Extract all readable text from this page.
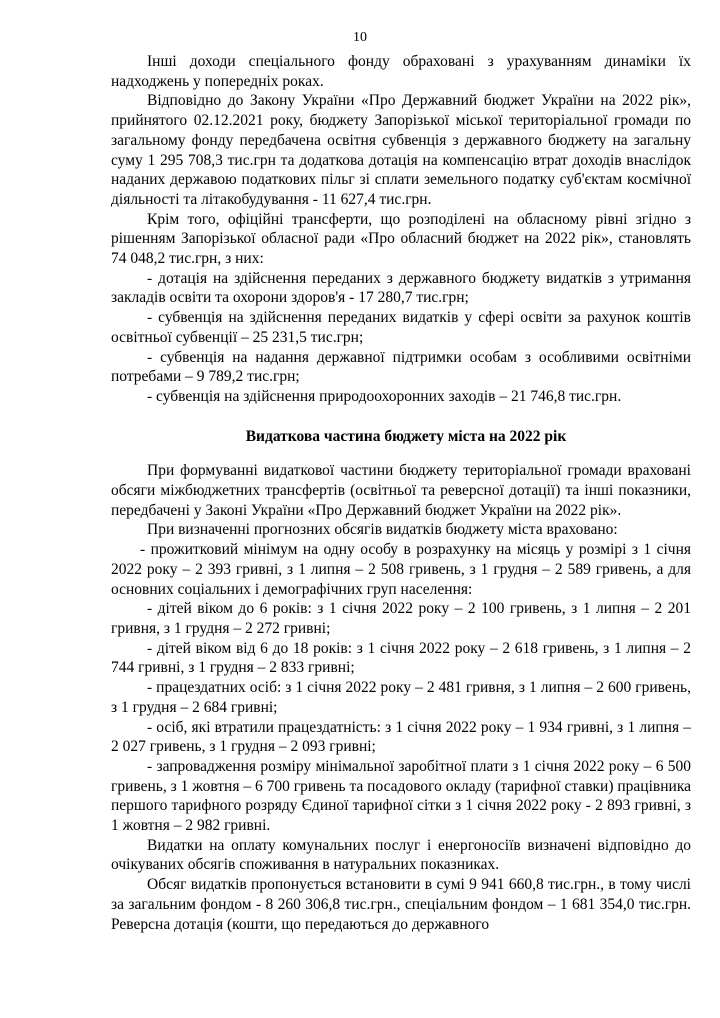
10

Інші доходи спеціального фонду обраховані з урахуванням динаміки їх надходжень у попередніх роках.

Відповідно до Закону України «Про Державний бюджет України на 2022 рік», прийнятого 02.12.2021 року, бюджету Запорізької міської територіальної громади по загальному фонду передбачена освітня субвенція з державного бюджету на загальну суму 1 295 708,3 тис.грн та додаткова дотація на компенсацію втрат доходів внаслідок наданих державою податкових пільг зі сплати земельного податку суб'єктам космічної діяльності та літакобудування - 11 627,4 тис.грн.

Крім того, офіційні трансферти, що розподілені на обласному рівні згідно з рішенням Запорізької обласної ради «Про обласний бюджет на 2022 рік», становлять 74 048,2 тис.грн, з них:

- дотація на здійснення переданих з державного бюджету видатків з утримання закладів освіти та охорони здоров'я - 17 280,7 тис.грн;

- субвенція на здійснення переданих видатків у сфері освіти за рахунок коштів освітньої субвенції – 25 231,5 тис.грн;

- субвенція на надання державної підтримки особам з особливими освітніми потребами – 9 789,2 тис.грн;

- субвенція на здійснення природоохоронних заходів – 21 746,8 тис.грн.

Видаткова частина бюджету міста на 2022 рік

При формуванні видаткової частини бюджету територіальної громади враховані обсяги міжбюджетних трансфертів (освітньої та реверсної дотації) та інші показники, передбачені у Законі України «Про Державний бюджет України на 2022 рік».

При визначенні прогнозних обсягів видатків бюджету міста враховано:

- прожитковий мінімум на одну особу в розрахунку на місяць у розмірі з 1 січня 2022 року – 2 393 гривні, з 1 липня – 2 508 гривень, з 1 грудня – 2 589 гривень, а для основних соціальних і демографічних груп населення:

- дітей віком до 6 років: з 1 січня 2022 року – 2 100 гривень, з 1 липня – 2 201 гривня, з 1 грудня – 2 272 гривні;

- дітей віком від 6 до 18 років: з 1 січня 2022 року – 2 618 гривень, з 1 липня – 2 744 гривні, з 1 грудня – 2 833 гривні;

- працездатних осіб: з 1 січня 2022 року – 2 481 гривня, з 1 липня – 2 600 гривень, з 1 грудня – 2 684 гривні;

- осіб, які втратили працездатність: з 1 січня 2022 року – 1 934 гривні, з 1 липня – 2 027 гривень, з 1 грудня – 2 093 гривні;

- запровадження розміру мінімальної заробітної плати з 1 січня 2022 року – 6 500 гривень, з 1 жовтня – 6 700 гривень та посадового окладу (тарифної ставки) працівника першого тарифного розряду Єдиної тарифної сітки з 1 січня 2022 року - 2 893 гривні, з 1 жовтня – 2 982 гривні.

Видатки на оплату комунальних послуг і енергоносіїв визначені відповідно до очікуваних обсягів споживання в натуральних показниках.

Обсяг видатків пропонується встановити в сумі 9 941 660,8 тис.грн., в тому числі за загальним фондом - 8 260 306,8 тис.грн., спеціальним фондом – 1 681 354,0 тис.грн. Реверсна дотація (кошти, що передаються до державного
